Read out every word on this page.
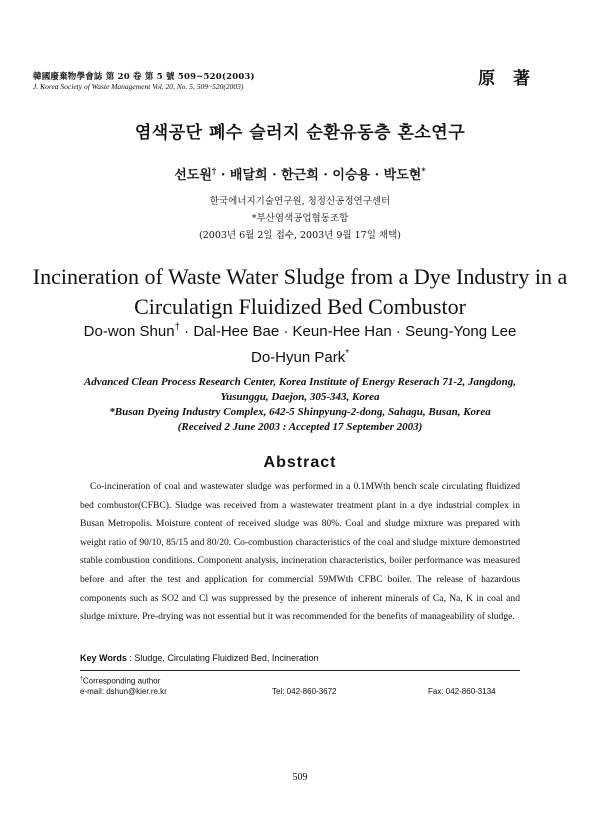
韓國廢棄物學會誌 第 20 卷 第 5 號 509~520(2003)
J. Korea Society of Waste Management Vol. 20, No. 5, 509~520(2003)	原 著
염색공단 폐수 슬러지 순환유동층 혼소연구
선도원† · 배달희 · 한근희 · 이승용 · 박도현*
한국에너지기술연구원, 청정신공정연구센터
*부산염색공업협동조합
(2003년 6월 2일 접수, 2003년 9월 17일 채택)
Incineration of Waste Water Sludge from a Dye Industry in a
Circulatign Fluidized Bed Combustor
Do-won Shun† · Dal-Hee Bae · Keun-Hee Han · Seung-Yong Lee
Do-Hyun Park*
Advanced Clean Process Research Center, Korea Institute of Energy Reserach 71-2, Jangdong,
Yusunggu, Daejon, 305-343, Korea
*Busan Dyeing Industry Complex, 642-5 Shinpyung-2-dong, Sahagu, Busan, Korea
(Received 2 June 2003 : Accepted 17 September 2003)
Abstract
Co-incineration of coal and wastewater sludge was performed in a 0.1MWth bench scale circulating fluidized bed combustor(CFBC). Sludge was received from a wastewater treatment plant in a dye industrial complex in Busan Metropolis. Moisture content of received sludge was 80%. Coal and sludge mixture was prepared with weight ratio of 90/10, 85/15 and 80/20. Co-combustion characteristics of the coal and sludge mixture demonstrted stable combustion conditions. Component analysis, incineration characteristics, boiler performance was measured before and after the test and application for commercial 59MWth CFBC boiler. The release of hazardous components such as SO2 and Cl was suppressed by the presence of inherent minerals of Ca, Na, K in coal and sludge mixture. Pre-drying was not essential but it was recommended for the benefits of manageability of sludge.
Key Words : Sludge, Circulating Fluidized Bed, Incineration
†Corresponding author
e-mail: dshun@kier.re.kr	Tel: 042-860-3672	Fax: 042-860-3134
509
